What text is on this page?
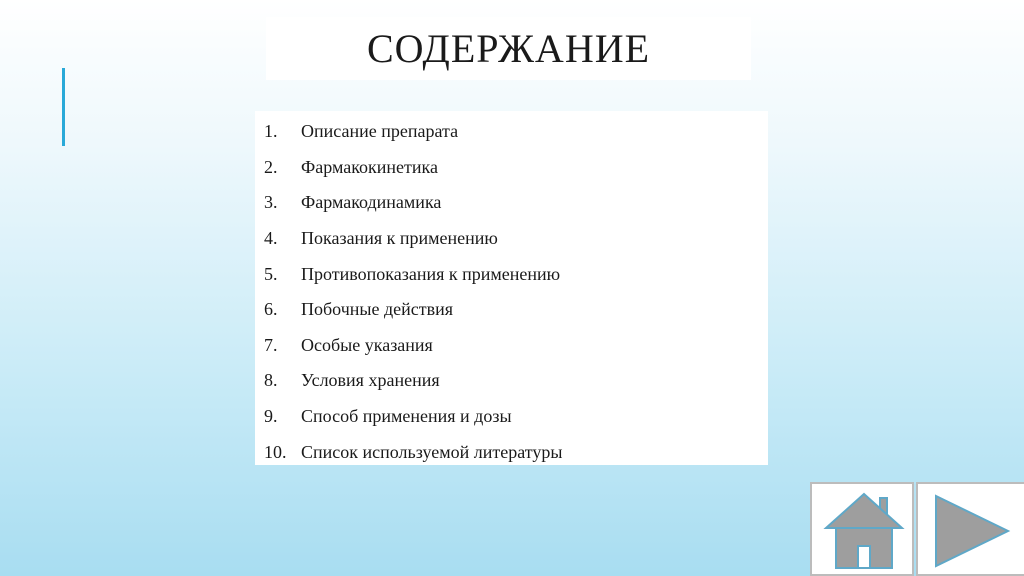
СОДЕРЖАНИЕ
1.	Описание препарата
2.	Фармакокинетика
3.	Фармакодинамика
4.	Показания к применению
5.	Противопоказания к применению
6.	Побочные действия
7.	Особые указания
8.	Условия хранения
9.	Способ применения и дозы
10. Список используемой литературы
